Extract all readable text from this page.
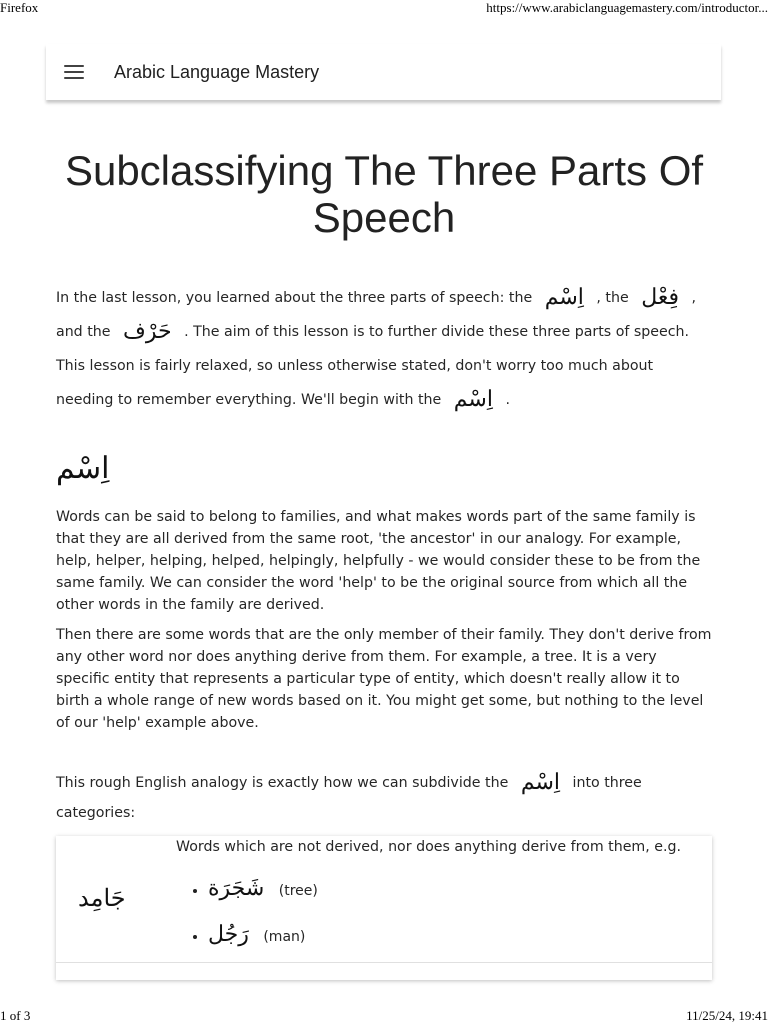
Firefox	https://www.arabiclanguagemastery.com/introductor...
Arabic Language Mastery
Subclassifying The Three Parts Of Speech

In the last lesson, you learned about the three parts of speech: the اِسْم , the فِعْل , and the حَرْف . The aim of this lesson is to further divide these three parts of speech. This lesson is fairly relaxed, so unless otherwise stated, don't worry too much about needing to remember everything. We'll begin with the اِسْم .

اِسْم

Words can be said to belong to families, and what makes words part of the same family is that they are all derived from the same root, 'the ancestor' in our analogy. For example, help, helper, helping, helped, helpingly, helpfully - we would consider these to be from the same family. We can consider the word 'help' to be the original source from which all the other words in the family are derived.

Then there are some words that are the only member of their family. They don't derive from any other word nor does anything derive from them. For example, a tree. It is a very specific entity that represents a particular type of entity, which doesn't really allow it to birth a whole range of new words based on it. You might get some, but nothing to the level of our 'help' example above.

This rough English analogy is exactly how we can subdivide the اِسْم into three categories:

جَامِد
Words which are not derived, nor does anything derive from them, e.g.
• شَجَرَة (tree)
• رَجُل (man)
1 of 3	11/25/24, 19:41
